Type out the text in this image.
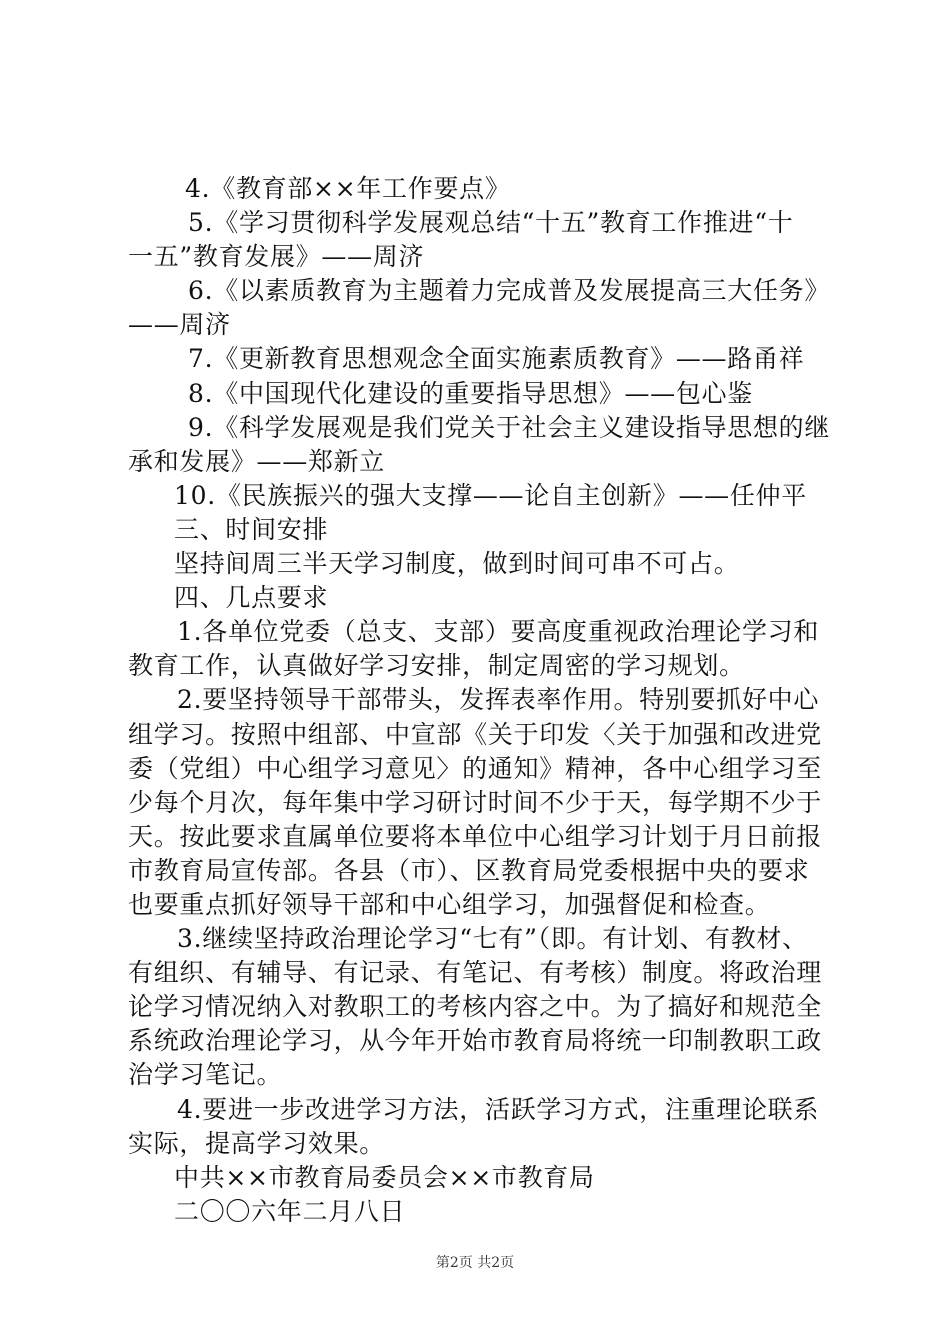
4.《教育部××年工作要点》
5.《学习贯彻科学发展观总结“十五”教育工作推进“十
一五”教育发展》——周济
6.《以素质教育为主题着力完成普及发展提高三大任务》
——周济
7.《更新教育思想观念全面实施素质教育》——路甬祥
8.《中国现代化建设的重要指导思想》——包心鉴
9.《科学发展观是我们党关于社会主义建设指导思想的继
承和发展》——郑新立
10.《民族振兴的强大支撑——论自主创新》——任仲平
三、时间安排
坚持间周三半天学习制度，做到时间可串不可占。
四、几点要求
1.各单位党委（总支、支部）要高度重视政治理论学习和
教育工作，认真做好学习安排，制定周密的学习规划。
2.要坚持领导干部带头，发挥表率作用。特别要抓好中心
组学习。按照中组部、中宣部《关于印发〈关于加强和改进党
委（党组）中心组学习意见〉的通知》精神，各中心组学习至
少每个月次，每年集中学习研讨时间不少于天，每学期不少于
天。按此要求直属单位要将本单位中心组学习计划于月日前报
市教育局宣传部。各县（市）、区教育局党委根据中央的要求
也要重点抓好领导干部和中心组学习，加强督促和检查。
3.继续坚持政治理论学习“七有”（即。有计划、有教材、
有组织、有辅导、有记录、有笔记、有考核）制度。将政治理
论学习情况纳入对教职工的考核内容之中。为了搞好和规范全
系统政治理论学习，从今年开始市教育局将统一印制教职工政
治学习笔记。
4.要进一步改进学习方法，活跃学习方式，注重理论联系
实际，提高学习效果。
中共××市教育局委员会××市教育局
二〇〇六年二月八日
第2页 共2页
